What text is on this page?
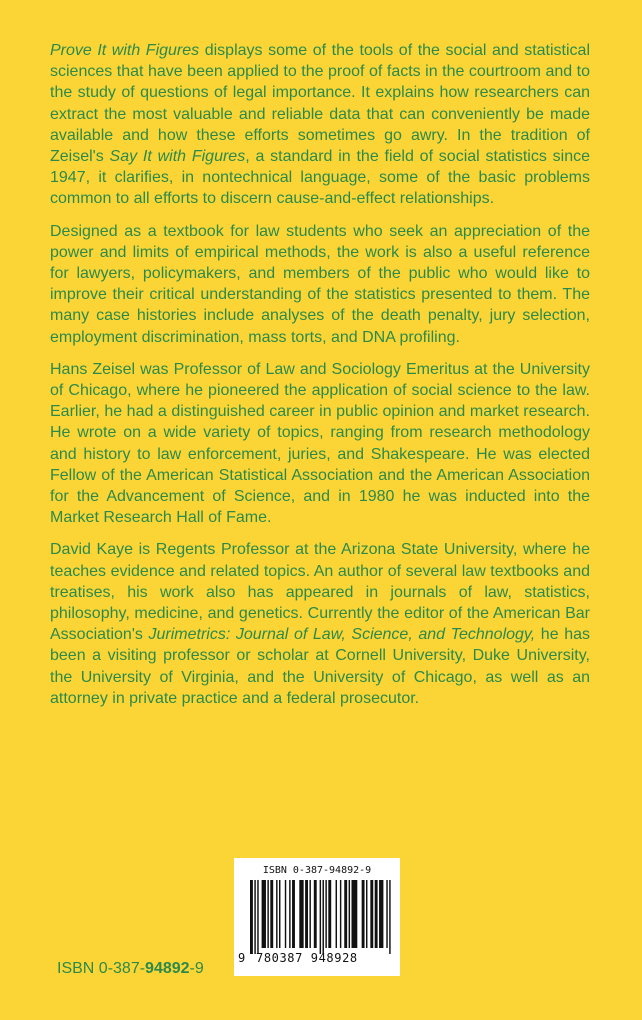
Prove It with Figures displays some of the tools of the social and statistical sciences that have been applied to the proof of facts in the courtroom and to the study of questions of legal importance. It explains how researchers can extract the most valuable and reliable data that can conveniently be made available and how these efforts sometimes go awry. In the tradition of Zeisel's Say It with Figures, a standard in the field of social statistics since 1947, it clarifies, in nontechnical language, some of the basic problems common to all efforts to discern cause-and-effect relationships.

Designed as a textbook for law students who seek an appreciation of the power and limits of empirical methods, the work is also a useful reference for lawyers, policymakers, and members of the public who would like to improve their critical understanding of the statistics presented to them. The many case histories include analyses of the death penalty, jury selection, employment discrimination, mass torts, and DNA profiling.

Hans Zeisel was Professor of Law and Sociology Emeritus at the University of Chicago, where he pioneered the application of social science to the law. Earlier, he had a distinguished career in public opinion and market research. He wrote on a wide variety of topics, ranging from research methodology and history to law enforcement, juries, and Shakespeare. He was elected Fellow of the American Statistical Association and the American Association for the Advancement of Science, and in 1980 he was inducted into the Market Research Hall of Fame.

David Kaye is Regents Professor at the Arizona State University, where he teaches evidence and related topics. An author of several law textbooks and treatises, his work also has appeared in journals of law, statistics, philosophy, medicine, and genetics. Currently the editor of the American Bar Association's Jurimetrics: Journal of Law, Science, and Technology, he has been a visiting professor or scholar at Cornell University, Duke University, the University of Virginia, and the University of Chicago, as well as an attorney in private practice and a federal prosecutor.

ISBN 0-387-94892-9
ISBN 0-387-94892-9
9 780387 948928
